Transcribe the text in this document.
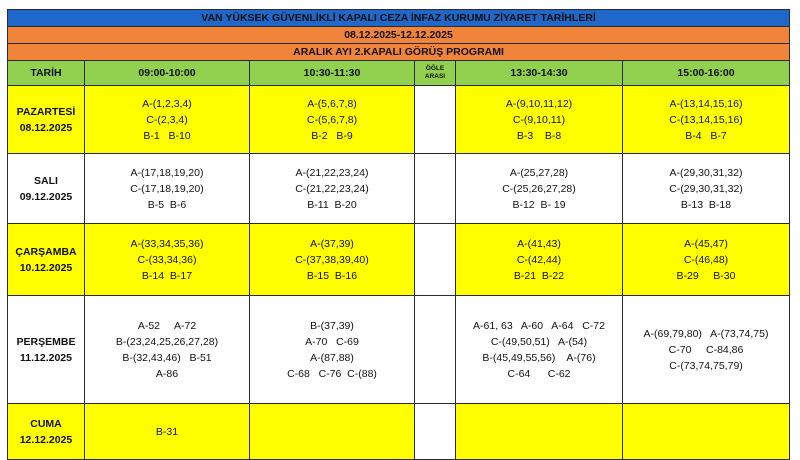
VAN YÜKSEK GÜVENLİKLİ KAPALI CEZA İNFAZ KURUMU ZİYARET TARİHLERİ					
08.12.2025-12.12.2025					
ARALIK AYI 2.KAPALI GÖRÜŞ PROGRAMI					
TARİH	09:00-10:00	10:30-11:30	ÖĞLE
ARASI	13:30-14:30	15:00-16:00

PAZARTESİ
08.12.2025	A-(1,2,3,4)
C-(2,3,4)
B-1   B-10	A-(5,6,7,8)
C-(5,6,7,8)
B-2   B-9		A-(9,10,11,12)
C-(9,10,11)
B-3    B-8	A-(13,14,15,16)
C-(13,14,15,16)
B-4   B-7

SALI
09.12.2025	A-(17,18,19,20)
C-(17,18,19,20)
B-5  B-6	A-(21,22,23,24)
C-(21,22,23,24)
B-11  B-20		A-(25,27,28)
C-(25,26,27,28)
B-12  B- 19	A-(29,30,31,32)
C-(29,30,31,32)
B-13  B-18

ÇARŞAMBA
10.12.2025	A-(33,34,35,36)
C-(33,34,36)
B-14  B-17	A-(37,39)
C-(37,38,39,40)
B-15  B-16		A-(41,43)
C-(42,44)
B-21  B-22	A-(45,47)
C-(46,48)
B-29     B-30

PERŞEMBE
11.12.2025	A-52     A-72
B-(23,24,25,26,27,28)
B-(32,43,46)   B-51
A-86	B-(37,39)
A-70   C-69
A-(87,88)
C-68   C-76  C-(88)		A-61, 63   A-60   A-64   C-72
C-(49,50,51)   A-(54)
B-(45,49,55,56)    A-(76)
C-64      C-62	A-(69,79,80)   A-(73,74,75)
C-70     C-84,86
C-(73,74,75,79)

CUMA
12.12.2025	B-31				
